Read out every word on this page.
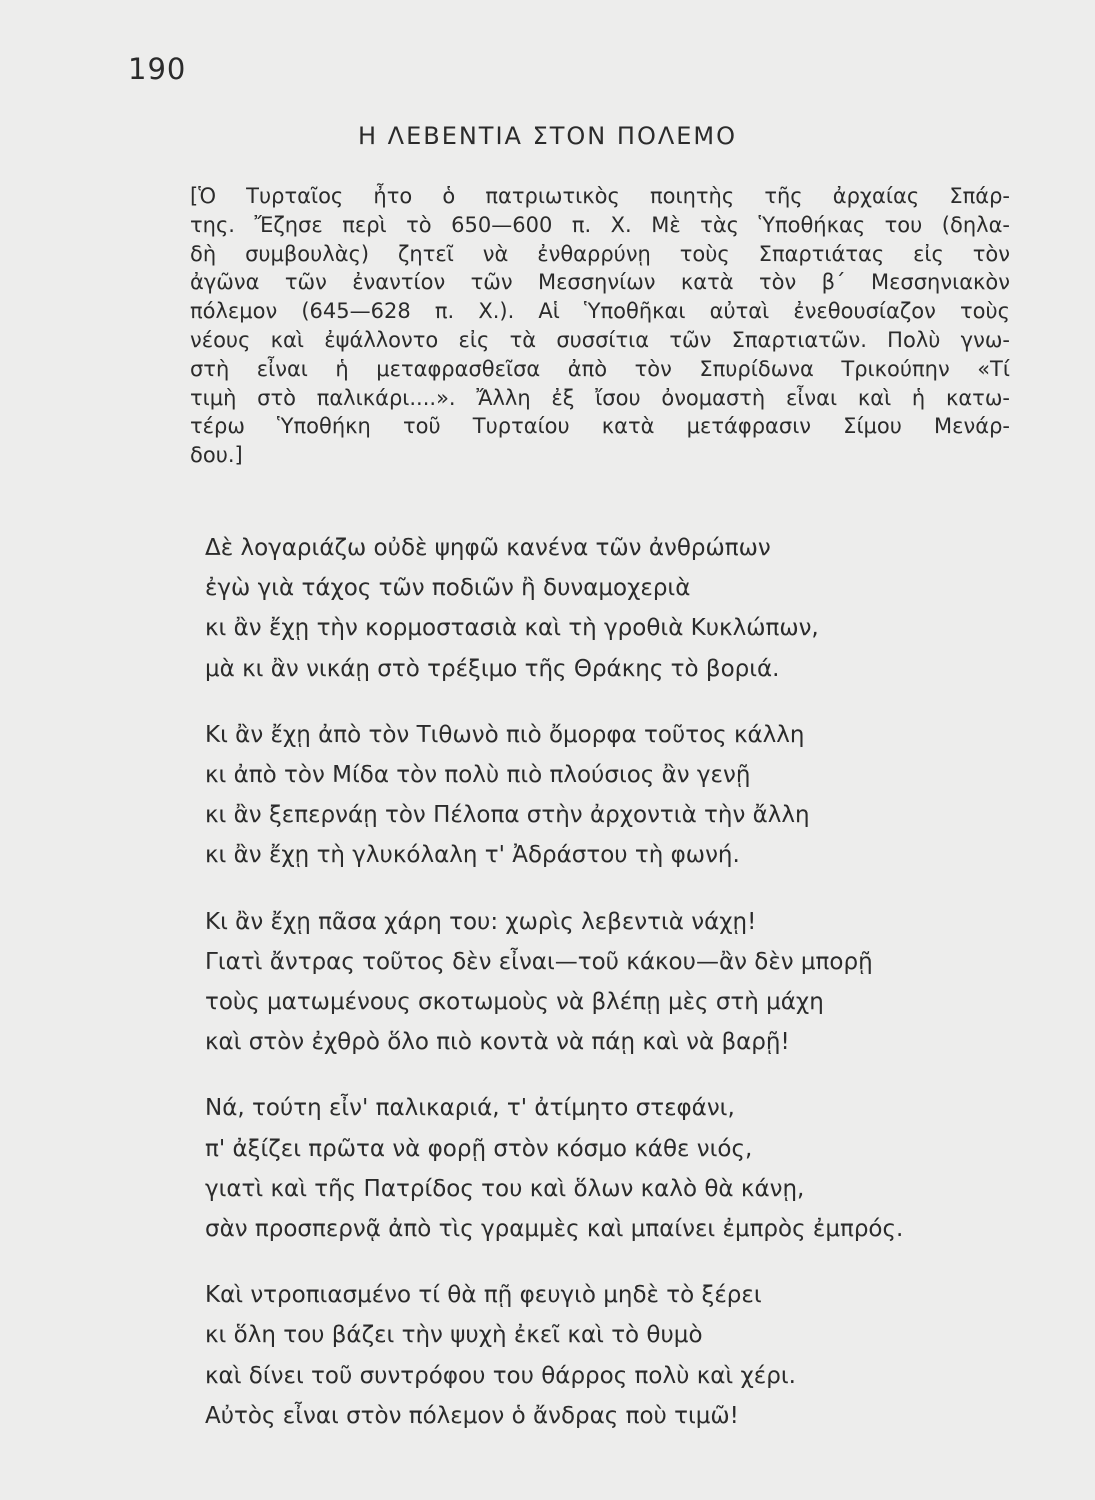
190
Η ΛΕΒΕΝΤΙΑ ΣΤΟΝ ΠΟΛΕΜΟ
[Ὁ Τυρταῖος ἦτο ὁ πατριωτικὸς ποιητὴς τῆς ἀρχαίας Σπάρ-
της. Ἔζησε περὶ τὸ 650—600 π. Χ. Μὲ τὰς Ὑποθήκας του (δηλα-
δὴ συμβουλὰς) ζητεῖ νὰ ἐνθαρρύνῃ τοὺς Σπαρτιάτας εἰς τὸν
ἀγῶνα τῶν ἐναντίον τῶν Μεσσηνίων κατὰ τὸν β΄ Μεσσηνιακὸν
πόλεμον (645—628 π. Χ.). Αἱ Ὑποθῆκαι αὐταὶ ἐνεθουσίαζον τοὺς
νέους καὶ ἐψάλλοντο εἰς τὰ συσσίτια τῶν Σπαρτιατῶν. Πολὺ γνω-
στὴ εἶναι ἡ μεταφρασθεῖσα ἀπὸ τὸν Σπυρίδωνα Τρικούπην «Τί
τιμὴ στὸ παλικάρι....». Ἄλλη ἐξ ἴσου ὀνομαστὴ εἶναι καὶ ἡ κατω-
τέρω Ὑποθήκη τοῦ Τυρταίου κατὰ μετάφρασιν Σίμου Μενάρ-
δου.]
Δὲ λογαριάζω οὐδὲ ψηφῶ κανένα τῶν ἀνθρώπων
ἐγὼ γιὰ τάχος τῶν ποδιῶν ἢ δυναμοχεριὰ
κι ἂν ἔχῃ τὴν κορμοστασιὰ καὶ τὴ γροθιὰ Κυκλώπων,
μὰ κι ἂν νικάῃ στὸ τρέξιμο τῆς Θράκης τὸ βοριά.
Κι ἂν ἔχῃ ἀπὸ τὸν Τιθωνὸ πιὸ ὄμορφα τοῦτος κάλλη
κι ἀπὸ τὸν Μίδα τὸν πολὺ πιὸ πλούσιος ἂν γενῇ
κι ἂν ξεπερνάῃ τὸν Πέλοπα στὴν ἀρχοντιὰ τὴν ἄλλη
κι ἂν ἔχῃ τὴ γλυκόλαλη τ' Ἀδράστου τὴ φωνή.
Κι ἂν ἔχῃ πᾶσα χάρη του: χωρὶς λεβεντιὰ νάχῃ!
Γιατὶ ἄντρας τοῦτος δὲν εἶναι—τοῦ κάκου—ἂν δὲν μπορῇ
τοὺς ματωμένους σκοτωμοὺς νὰ βλέπῃ μὲς στὴ μάχη
καὶ στὸν ἐχθρὸ ὅλο πιὸ κοντὰ νὰ πάῃ καὶ νὰ βαρῇ!
Νά, τούτη εἶν' παλικαριά, τ' ἀτίμητο στεφάνι,
π' ἀξίζει πρῶτα νὰ φορῇ στὸν κόσμο κάθε νιός,
γιατὶ καὶ τῆς Πατρίδος του καὶ ὅλων καλὸ θὰ κάνῃ,
σὰν προσπερνᾷ ἀπὸ τὶς γραμμὲς καὶ μπαίνει ἐμπρὸς ἐμπρός.
Καὶ ντροπιασμένο τί θὰ πῇ φευγιὸ μηδὲ τὸ ξέρει
κι ὅλη του βάζει τὴν ψυχὴ ἐκεῖ καὶ τὸ θυμὸ
καὶ δίνει τοῦ συντρόφου του θάρρος πολὺ καὶ χέρι.
Αὐτὸς εἶναι στὸν πόλεμον ὁ ἄνδρας ποὺ τιμῶ!
